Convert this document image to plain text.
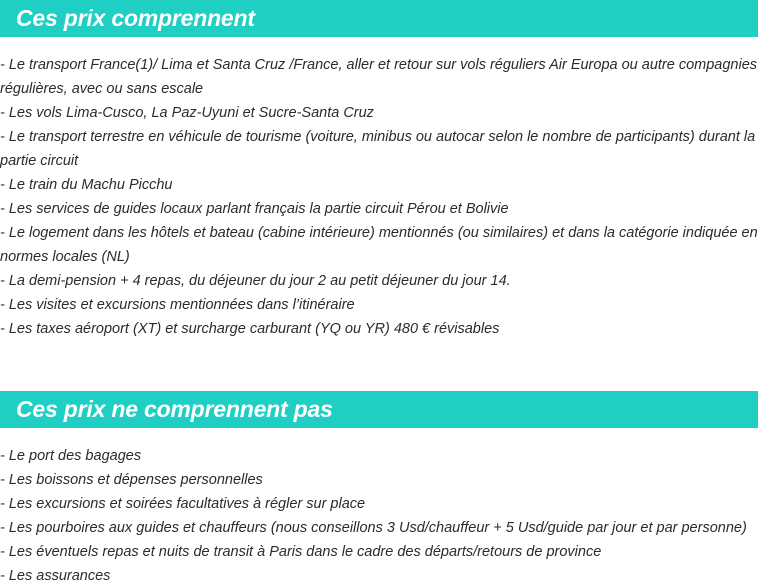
Ces prix comprennent
- Le transport France(1)/ Lima et Santa Cruz /France, aller et retour sur vols réguliers Air Europa ou autre compagnies régulières, avec ou sans escale
- Les vols Lima-Cusco, La Paz-Uyuni et Sucre-Santa Cruz
- Le transport terrestre en véhicule de tourisme (voiture, minibus ou autocar selon le nombre de participants) durant la partie circuit
- Le train du Machu Picchu
- Les services de guides locaux parlant français la partie circuit Pérou et Bolivie
- Le logement dans les hôtels et bateau (cabine intérieure) mentionnés (ou similaires) et dans la catégorie indiquée en normes locales (NL)
- La demi-pension + 4 repas, du déjeuner du jour 2 au petit déjeuner du jour 14.
- Les visites et excursions mentionnées dans l’itinéraire
- Les taxes aéroport (XT) et surcharge carburant (YQ ou YR) 480 € révisables
Ces prix ne comprennent pas
- Le port des bagages
- Les boissons et dépenses personnelles
- Les excursions et soirées facultatives à régler sur place
- Les pourboires aux guides et chauffeurs (nous conseillons 3 Usd/chauffeur + 5 Usd/guide par jour et par personne)
- Les éventuels repas et nuits de transit à Paris dans le cadre des départs/retours de province
- Les assurances
